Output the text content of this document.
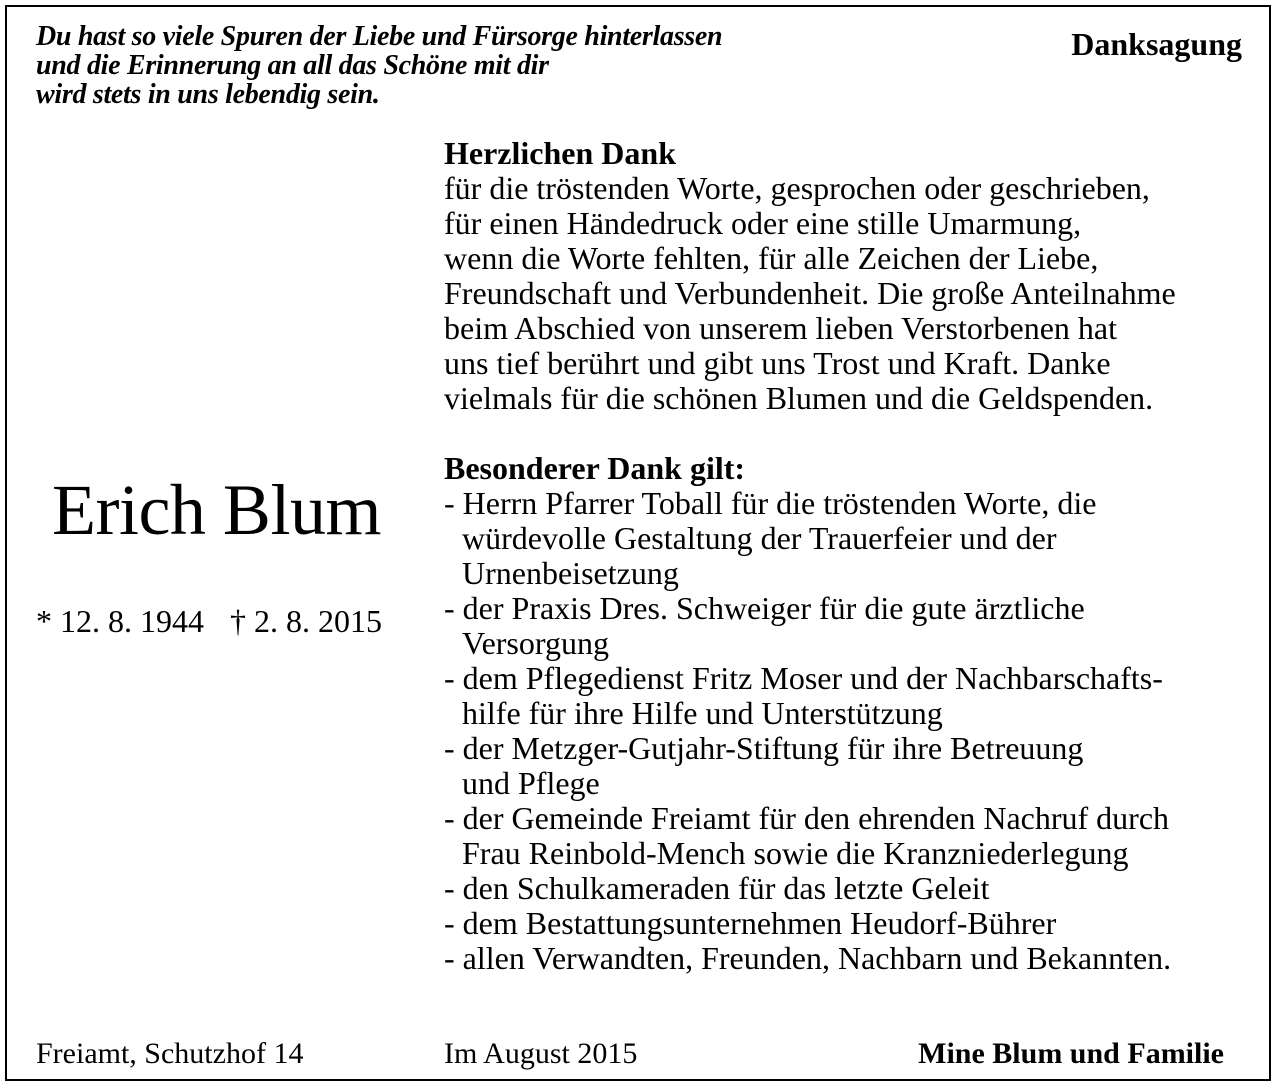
Du hast so viele Spuren der Liebe und Fürsorge hinterlassen
und die Erinnerung an all das Schöne mit dir
wird stets in uns lebendig sein.
Danksagung
Erich Blum
* 12. 8. 1944 † 2. 8. 2015
Herzlichen Dank
für die tröstenden Worte, gesprochen oder geschrieben,
für einen Händedruck oder eine stille Umarmung,
wenn die Worte fehlten, für alle Zeichen der Liebe,
Freundschaft und Verbundenheit. Die große Anteilnahme
beim Abschied von unserem lieben Verstorbenen hat
uns tief berührt und gibt uns Trost und Kraft. Danke
vielmals für die schönen Blumen und die Geldspenden.
Besonderer Dank gilt:
- Herrn Pfarrer Toball für die tröstenden Worte, die
würdevolle Gestaltung der Trauerfeier und der
Urnenbeisetzung
- der Praxis Dres. Schweiger für die gute ärztliche
Versorgung
- dem Pflegedienst Fritz Moser und der Nachbarschafts-
hilfe für ihre Hilfe und Unterstützung
- der Metzger-Gutjahr-Stiftung für ihre Betreuung
und Pflege
- der Gemeinde Freiamt für den ehrenden Nachruf durch
Frau Reinbold-Mench sowie die Kranzniederlegung
- den Schulkameraden für das letzte Geleit
- dem Bestattungsunternehmen Heudorf-Bührer
- allen Verwandten, Freunden, Nachbarn und Bekannten.
Freiamt, Schutzhof 14	Im August 2015	Mine Blum und Familie
